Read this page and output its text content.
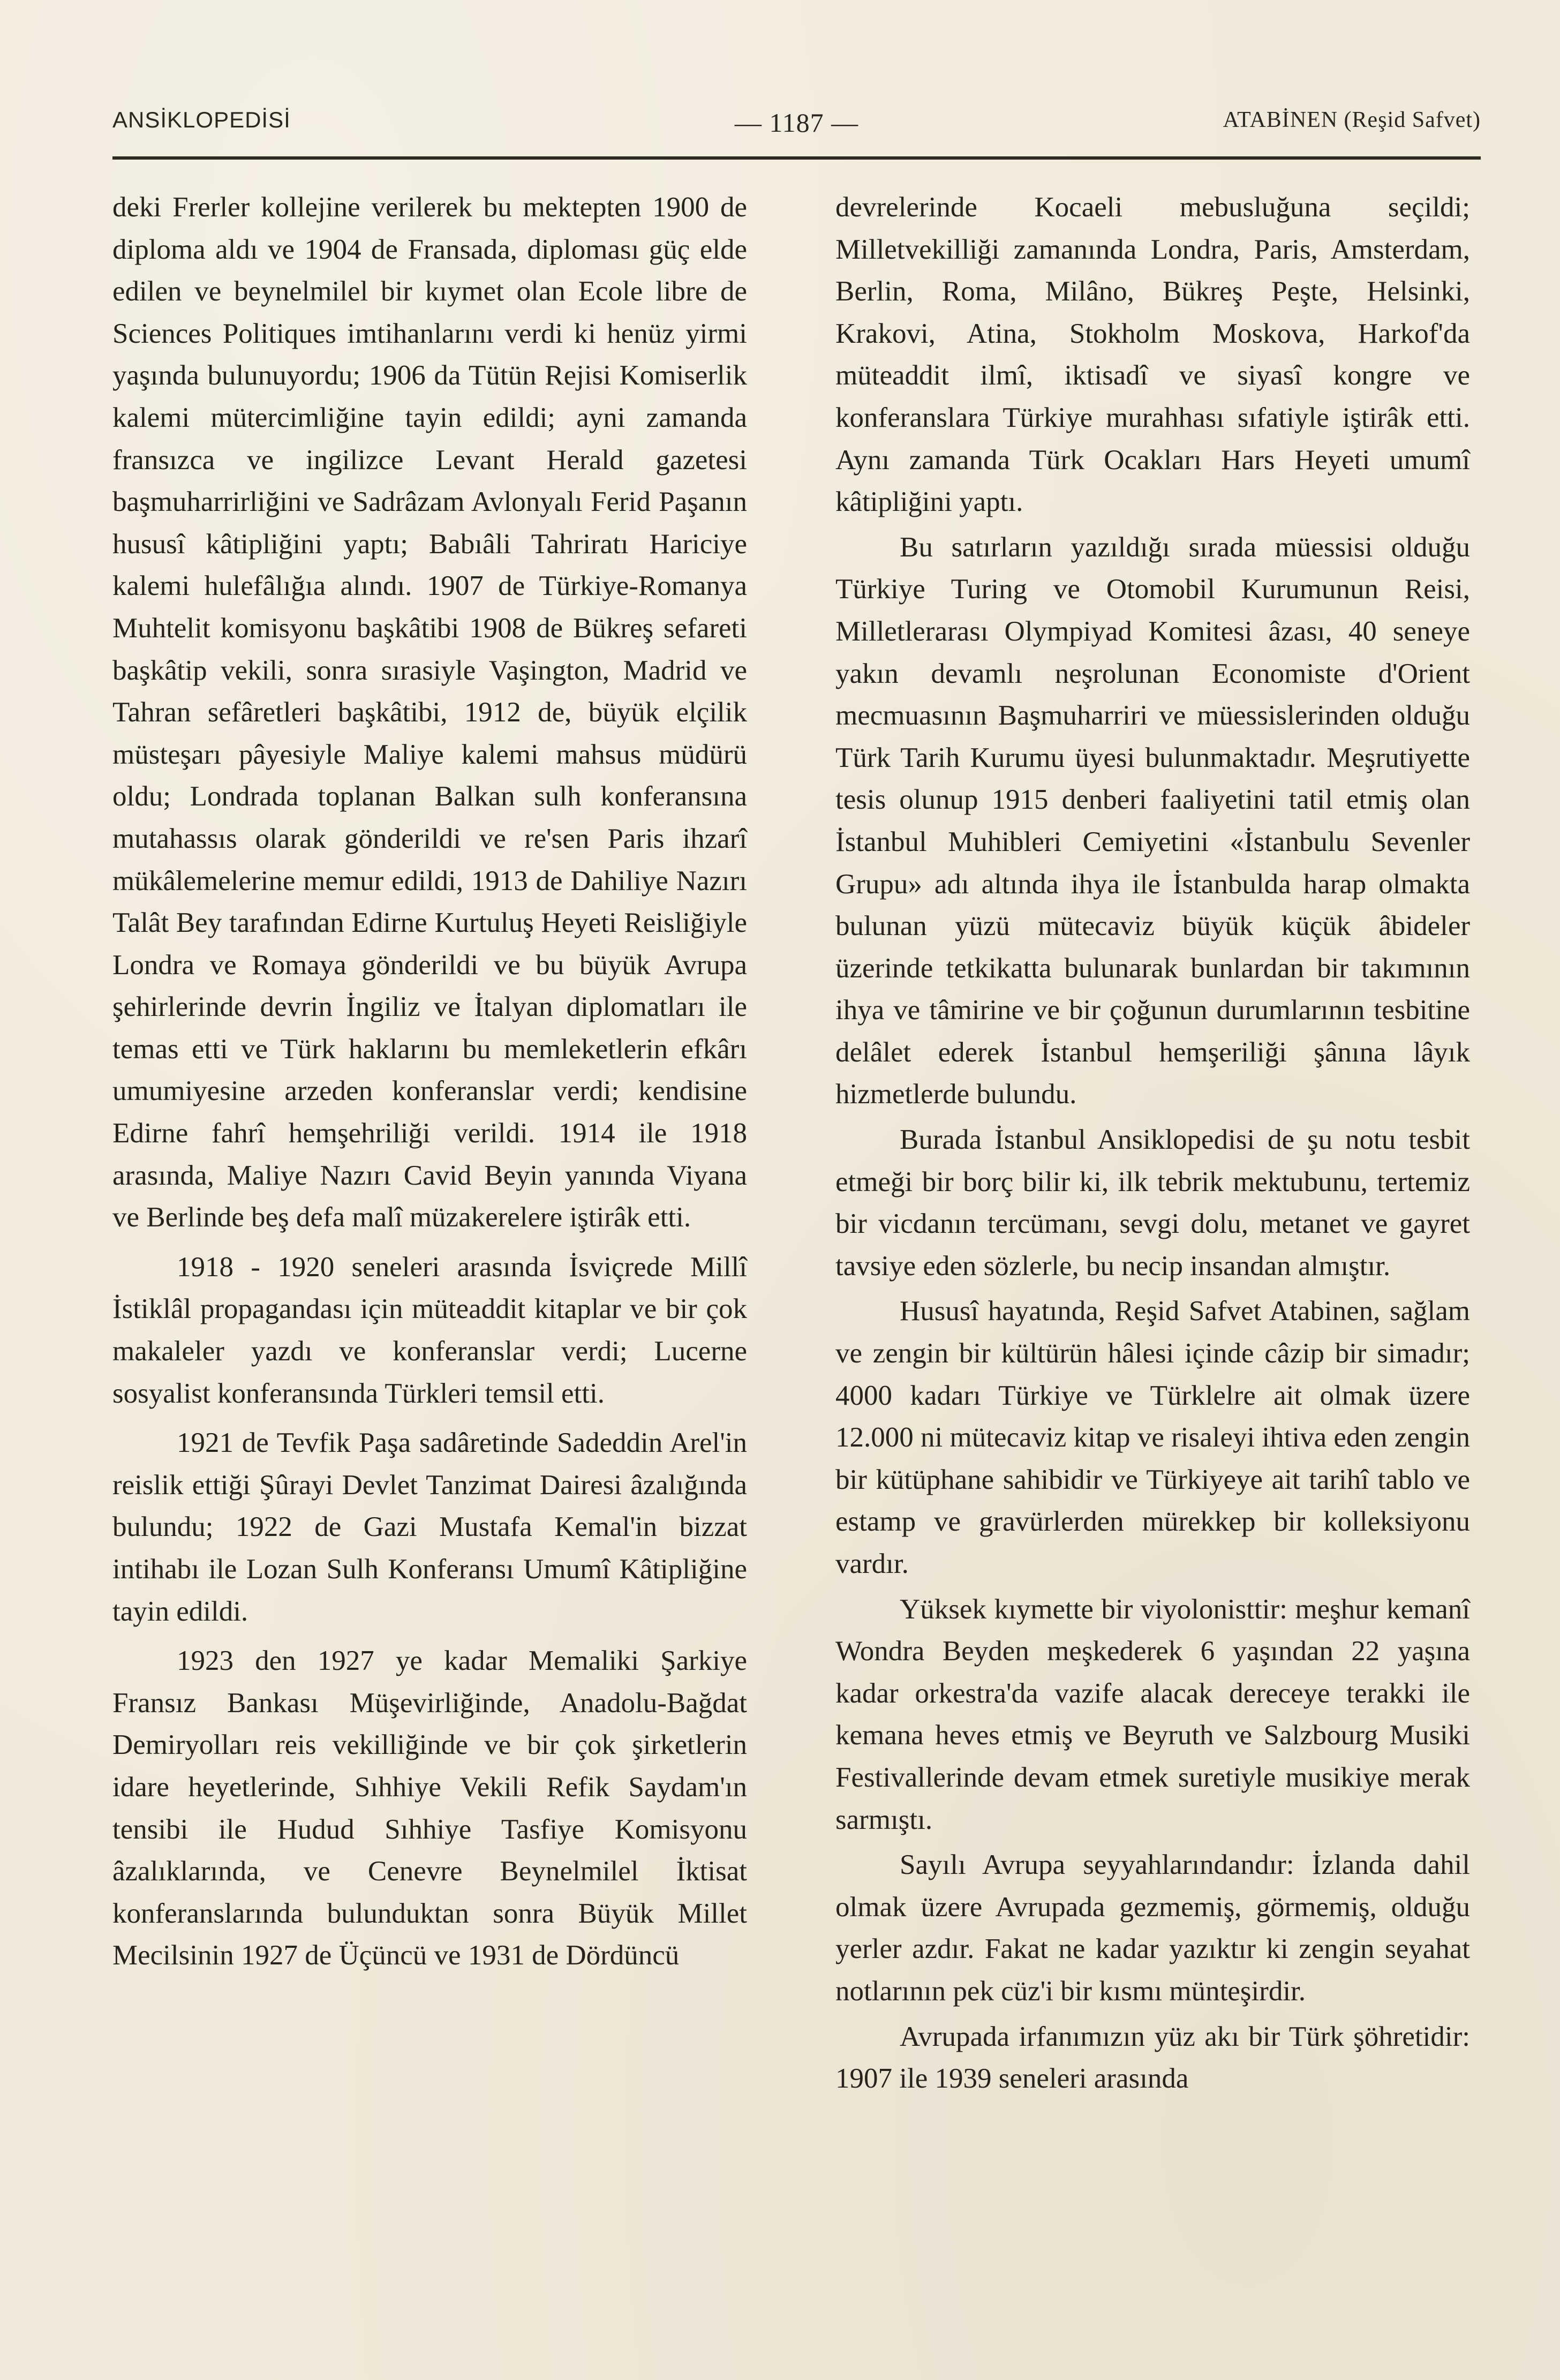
ANSİKLOPEDİSİ	— 1187 —	ATABİNEN (Reşid Safvet)

deki Frerler kollejine verilerek bu mektepten 1900 de diploma aldı ve 1904 de Fransada, diploması güç elde edilen ve beynelmilel bir kıymet olan Ecole libre de Sciences Politiques imtihanlarını verdi ki henüz yirmi yaşında bulunuyordu; 1906 da Tütün Rejisi Komiserlik kalemi mütercimliğine tayin edildi; ayni zamanda fransızca ve ingilizce Levant Herald gazetesi başmuharrirliğini ve Sadrâzam Avlonyalı Ferid Paşanın hususî kâtipliğini yaptı; Babıâli Tahriratı Hariciye kalemi hulefâlığıa alındı. 1907 de Türkiye-Romanya Muhtelit komisyonu başkâtibi 1908 de Bükreş sefareti başkâtip vekili, sonra sırasiyle Vaşington, Madrid ve Tahran sefâretleri başkâtibi, 1912 de, büyük elçilik müsteşarı pâyesiyle Maliye kalemi mahsus müdürü oldu; Londrada toplanan Balkan sulh konferansına mutahassıs olarak gönderildi ve re'sen Paris ihzarî mükâlemelerine memur edildi, 1913 de Dahiliye Nazırı Talât Bey tarafından Edirne Kurtuluş Heyeti Reisliğiyle Londra ve Romaya gönderildi ve bu büyük Avrupa şehirlerinde devrin İngiliz ve İtalyan diplomatları ile temas etti ve Türk haklarını bu memleketlerin efkârı umumiyesine arzeden konferanslar verdi; kendisine Edirne fahrî hemşehriliği verildi. 1914 ile 1918 arasında, Maliye Nazırı Cavid Beyin yanında Viyana ve Berlinde beş defa malî müzakerelere iştirâk etti.

1918 - 1920 seneleri arasında İsviçrede Millî İstiklâl propagandası için müteaddit kitaplar ve bir çok makaleler yazdı ve konferanslar verdi; Lucerne sosyalist konferansında Türkleri temsil etti.

1921 de Tevfik Paşa sadâretinde Sadeddin Arel'in reislik ettiği Şûrayi Devlet Tanzimat Dairesi âzalığında bulundu; 1922 de Gazi Mustafa Kemal'in bizzat intihabı ile Lozan Sulh Konferansı Umumî Kâtipliğine tayin edildi.

1923 den 1927 ye kadar Memaliki Şarkiye Fransız Bankası Müşevirliğinde, Anadolu-Bağdat Demiryolları reis vekilliğinde ve bir çok şirketlerin idare heyetlerinde, Sıhhiye Vekili Refik Saydam'ın tensibi ile Hudud Sıhhiye Tasfiye Komisyonu âzalıklarında, ve Cenevre Beynelmilel İktisat konferanslarında bulunduktan sonra Büyük Millet Mecilsinin 1927 de Üçüncü ve 1931 de Dördüncü

devrelerinde Kocaeli mebusluğuna seçildi; Milletvekilliği zamanında Londra, Paris, Amsterdam, Berlin, Roma, Milâno, Bükreş Peşte, Helsinki, Krakovi, Atina, Stokholm Moskova, Harkof'da müteaddit ilmî, iktisadî ve siyasî kongre ve konferanslara Türkiye murahhası sıfatiyle iştirâk etti. Aynı zamanda Türk Ocakları Hars Heyeti umumî kâtipliğini yaptı.

Bu satırların yazıldığı sırada müessisi olduğu Türkiye Turing ve Otomobil Kurumunun Reisi, Milletlerarası Olympiyad Komitesi âzası, 40 seneye yakın devamlı neşrolunan Economiste d'Orient mecmuasının Başmuharriri ve müessislerinden olduğu Türk Tarih Kurumu üyesi bulunmaktadır. Meşrutiyette tesis olunup 1915 denberi faaliyetini tatil etmiş olan İstanbul Muhibleri Cemiyetini «İstanbulu Sevenler Grupu» adı altında ihya ile İstanbulda harap olmakta bulunan yüzü mütecaviz büyük küçük âbideler üzerinde tetkikatta bulunarak bunlardan bir takımının ihya ve tâmirine ve bir çoğunun durumlarının tesbitine delâlet ederek İstanbul hemşeriliği şânına lâyık hizmetlerde bulundu.

Burada İstanbul Ansiklopedisi de şu notu tesbit etmeği bir borç bilir ki, ilk tebrik mektubunu, tertemiz bir vicdanın tercümanı, sevgi dolu, metanet ve gayret tavsiye eden sözlerle, bu necip insandan almıştır.

Hususî hayatında, Reşid Safvet Atabinen, sağlam ve zengin bir kültürün hâlesi içinde câzip bir simadır; 4000 kadarı Türkiye ve Türklelre ait olmak üzere 12.000 ni mütecaviz kitap ve risaleyi ihtiva eden zengin bir kütüphane sahibidir ve Türkiyeye ait tarihî tablo ve estamp ve gravürlerden mürekkep bir kolleksiyonu vardır.

Yüksek kıymette bir viyolonisttir: meşhur kemanî Wondra Beyden meşkederek 6 yaşından 22 yaşına kadar orkestra'da vazife alacak dereceye terakki ile kemana heves etmiş ve Beyruth ve Salzbourg Musiki Festivallerinde devam etmek suretiyle musikiye merak sarmıştı.

Sayılı Avrupa seyyahlarındandır: İzlanda dahil olmak üzere Avrupada gezmemiş, görmemiş, olduğu yerler azdır. Fakat ne kadar yazıktır ki zengin seyahat notlarının pek cüz'i bir kısmı münteşirdir.

Avrupada irfanımızın yüz akı bir Türk şöhretidir: 1907 ile 1939 seneleri arasında
